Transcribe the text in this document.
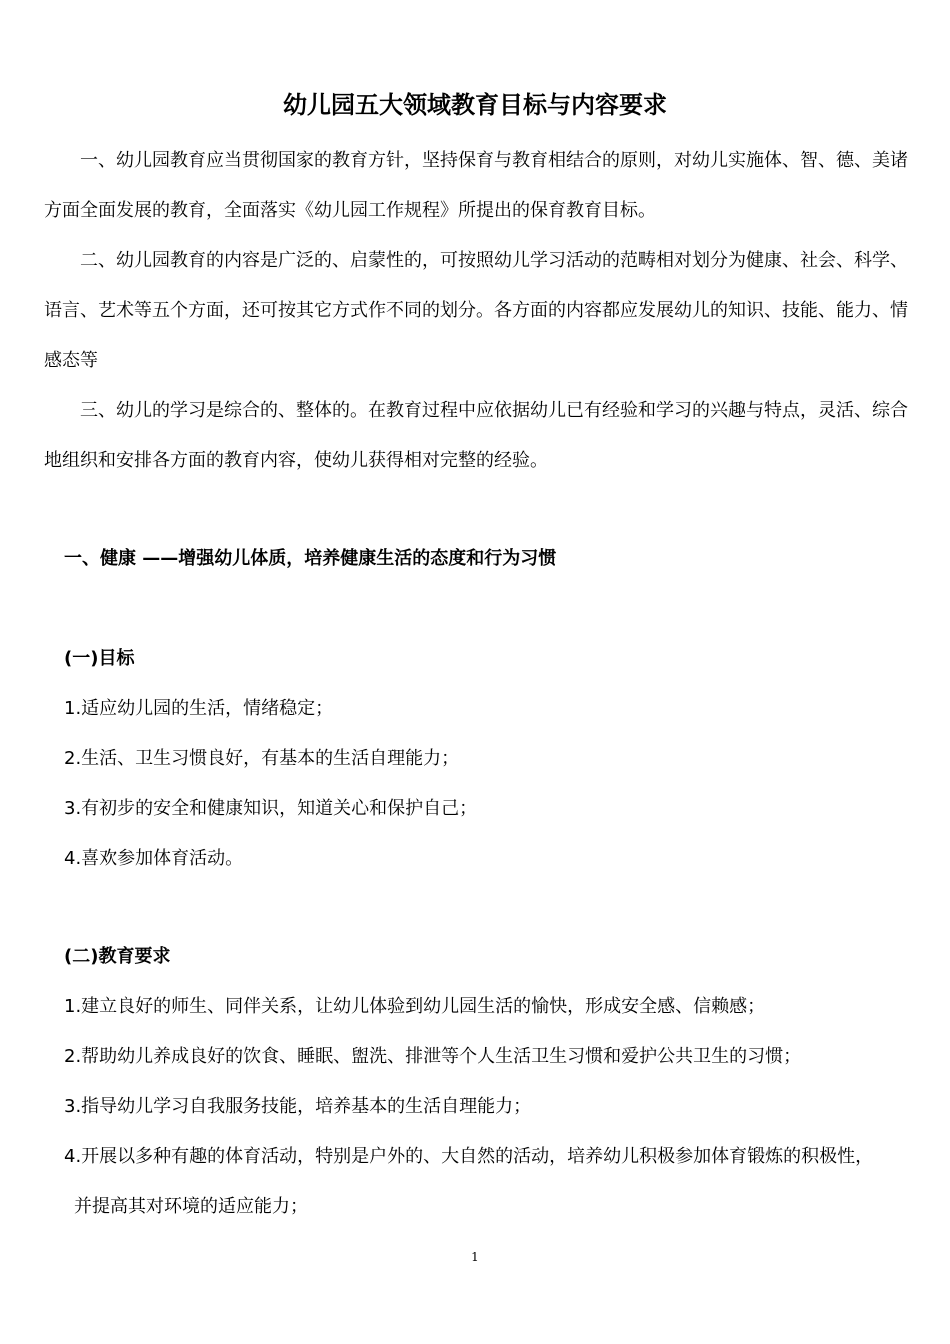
幼儿园五大领域教育目标与内容要求

一、幼儿园教育应当贯彻国家的教育方针，坚持保育与教育相结合的原则，对幼儿实施体、智、德、美诸方面全面发展的教育，全面落实《幼儿园工作规程》所提出的保育教育目标。

二、幼儿园教育的内容是广泛的、启蒙性的，可按照幼儿学习活动的范畴相对划分为健康、社会、科学、语言、艺术等五个方面，还可按其它方式作不同的划分。各方面的内容都应发展幼儿的知识、技能、能力、情感态等

三、幼儿的学习是综合的、整体的。在教育过程中应依据幼儿已有经验和学习的兴趣与特点，灵活、综合地组织和安排各方面的教育内容，使幼儿获得相对完整的经验。

一、健康 ——增强幼儿体质，培养健康生活的态度和行为习惯
(一)目标
1.适应幼儿园的生活，情绪稳定；
2.生活、卫生习惯良好，有基本的生活自理能力；
3.有初步的安全和健康知识，知道关心和保护自己；
4.喜欢参加体育活动。
(二)教育要求
1.建立良好的师生、同伴关系，让幼儿体验到幼儿园生活的愉快，形成安全感、信赖感；
2.帮助幼儿养成良好的饮食、睡眠、盥洗、排泄等个人生活卫生习惯和爱护公共卫生的习惯；
3.指导幼儿学习自我服务技能，培养基本的生活自理能力；
4.开展以多种有趣的体育活动，特别是户外的、大自然的活动，培养幼儿积极参加体育锻炼的积极性，
并提高其对环境的适应能力；
1
